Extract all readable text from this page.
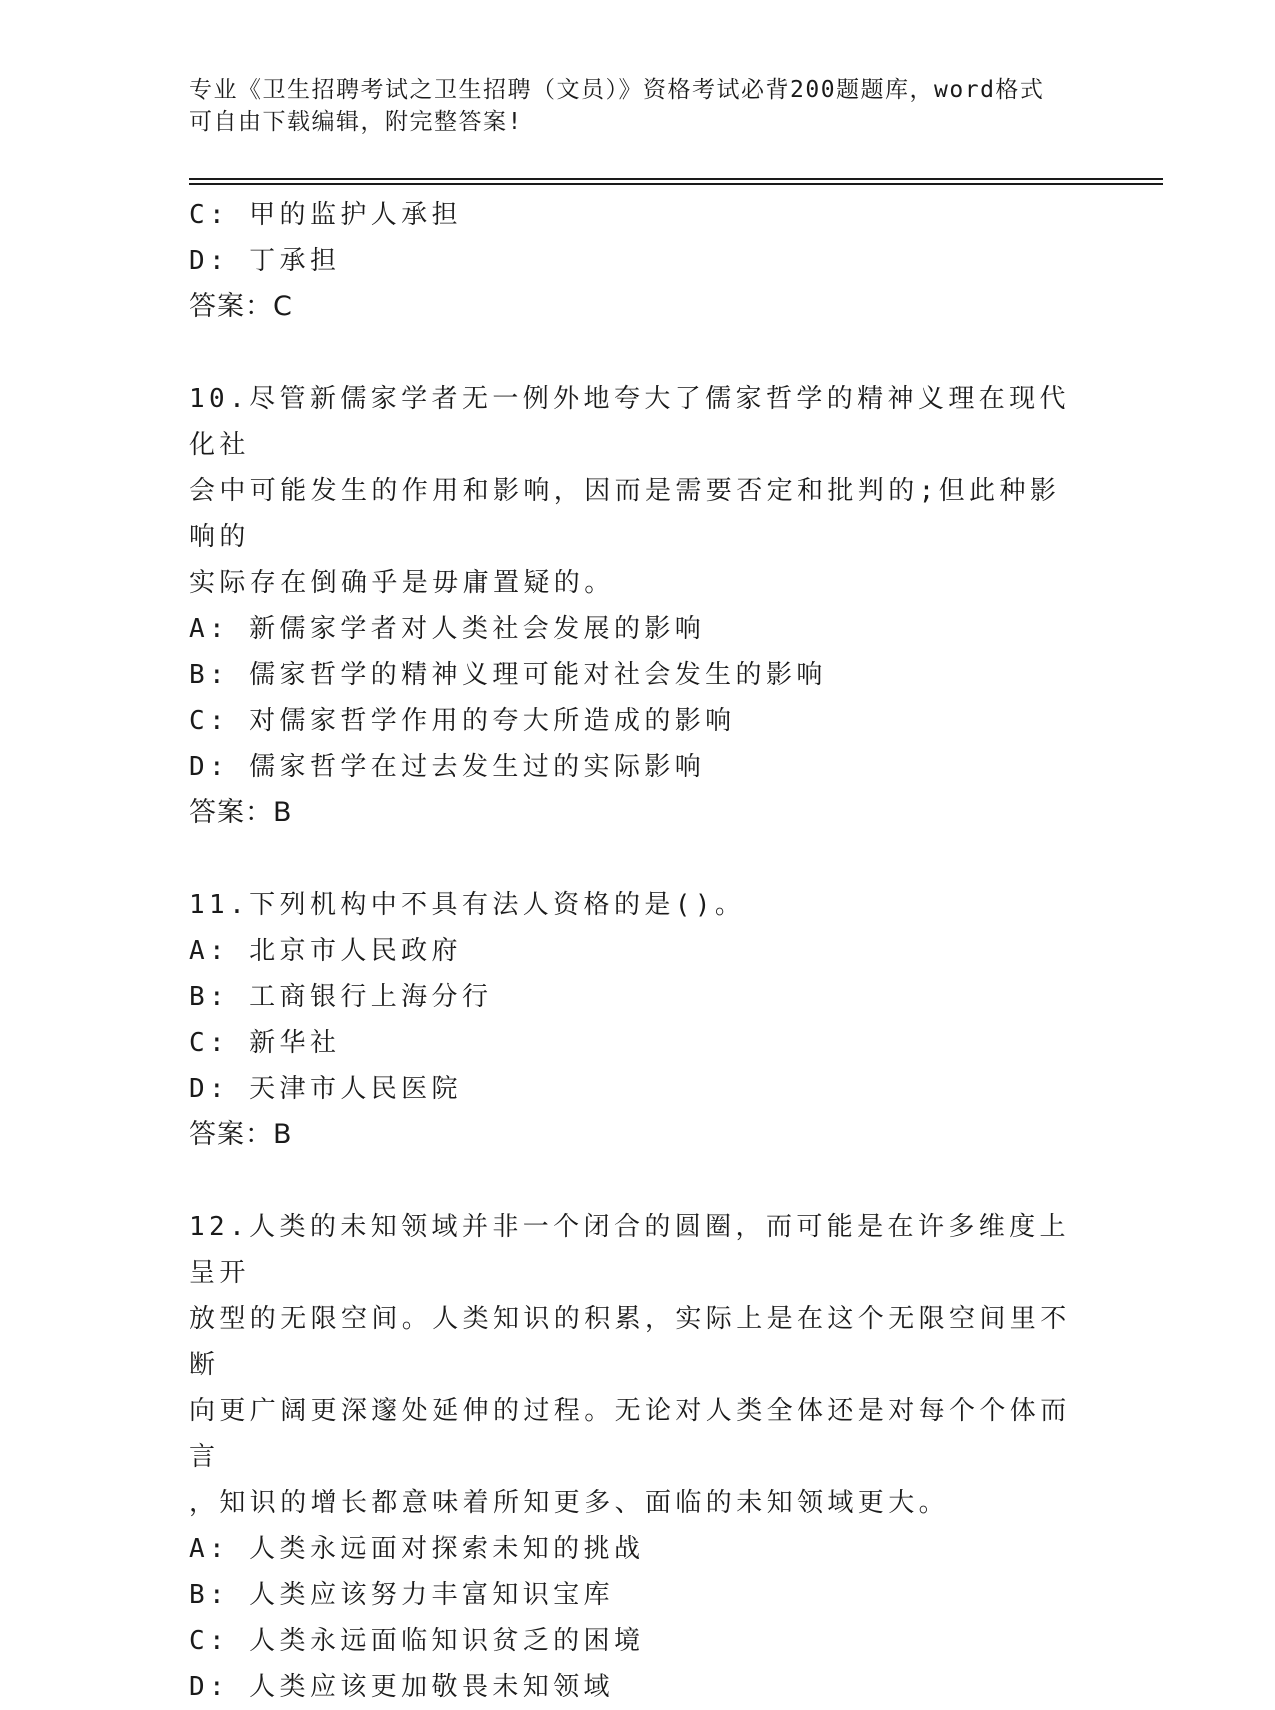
专业《卫生招聘考试之卫生招聘（文员）》资格考试必背200题题库，word格式

可自由下载编辑，附完整答案!

C: 甲的监护人承担
D: 丁承担
答案：C

10.尽管新儒家学者无一例外地夸大了儒家哲学的精神义理在现代化社

会中可能发生的作用和影响，因而是需要否定和批判的;但此种影响的

实际存在倒确乎是毋庸置疑的。

A: 新儒家学者对人类社会发展的影响
B: 儒家哲学的精神义理可能对社会发生的影响
C: 对儒家哲学作用的夸大所造成的影响
D: 儒家哲学在过去发生过的实际影响
答案：B

11.下列机构中不具有法人资格的是()。

A: 北京市人民政府
B: 工商银行上海分行
C: 新华社
D: 天津市人民医院
答案：B

12.人类的未知领域并非一个闭合的圆圈，而可能是在许多维度上呈开

放型的无限空间。人类知识的积累，实际上是在这个无限空间里不断

向更广阔更深邃处延伸的过程。无论对人类全体还是对每个个体而言

，知识的增长都意味着所知更多、面临的未知领域更大。

A: 人类永远面对探索未知的挑战
B: 人类应该努力丰富知识宝库
C: 人类永远面临知识贫乏的困境
D: 人类应该更加敬畏未知领域
